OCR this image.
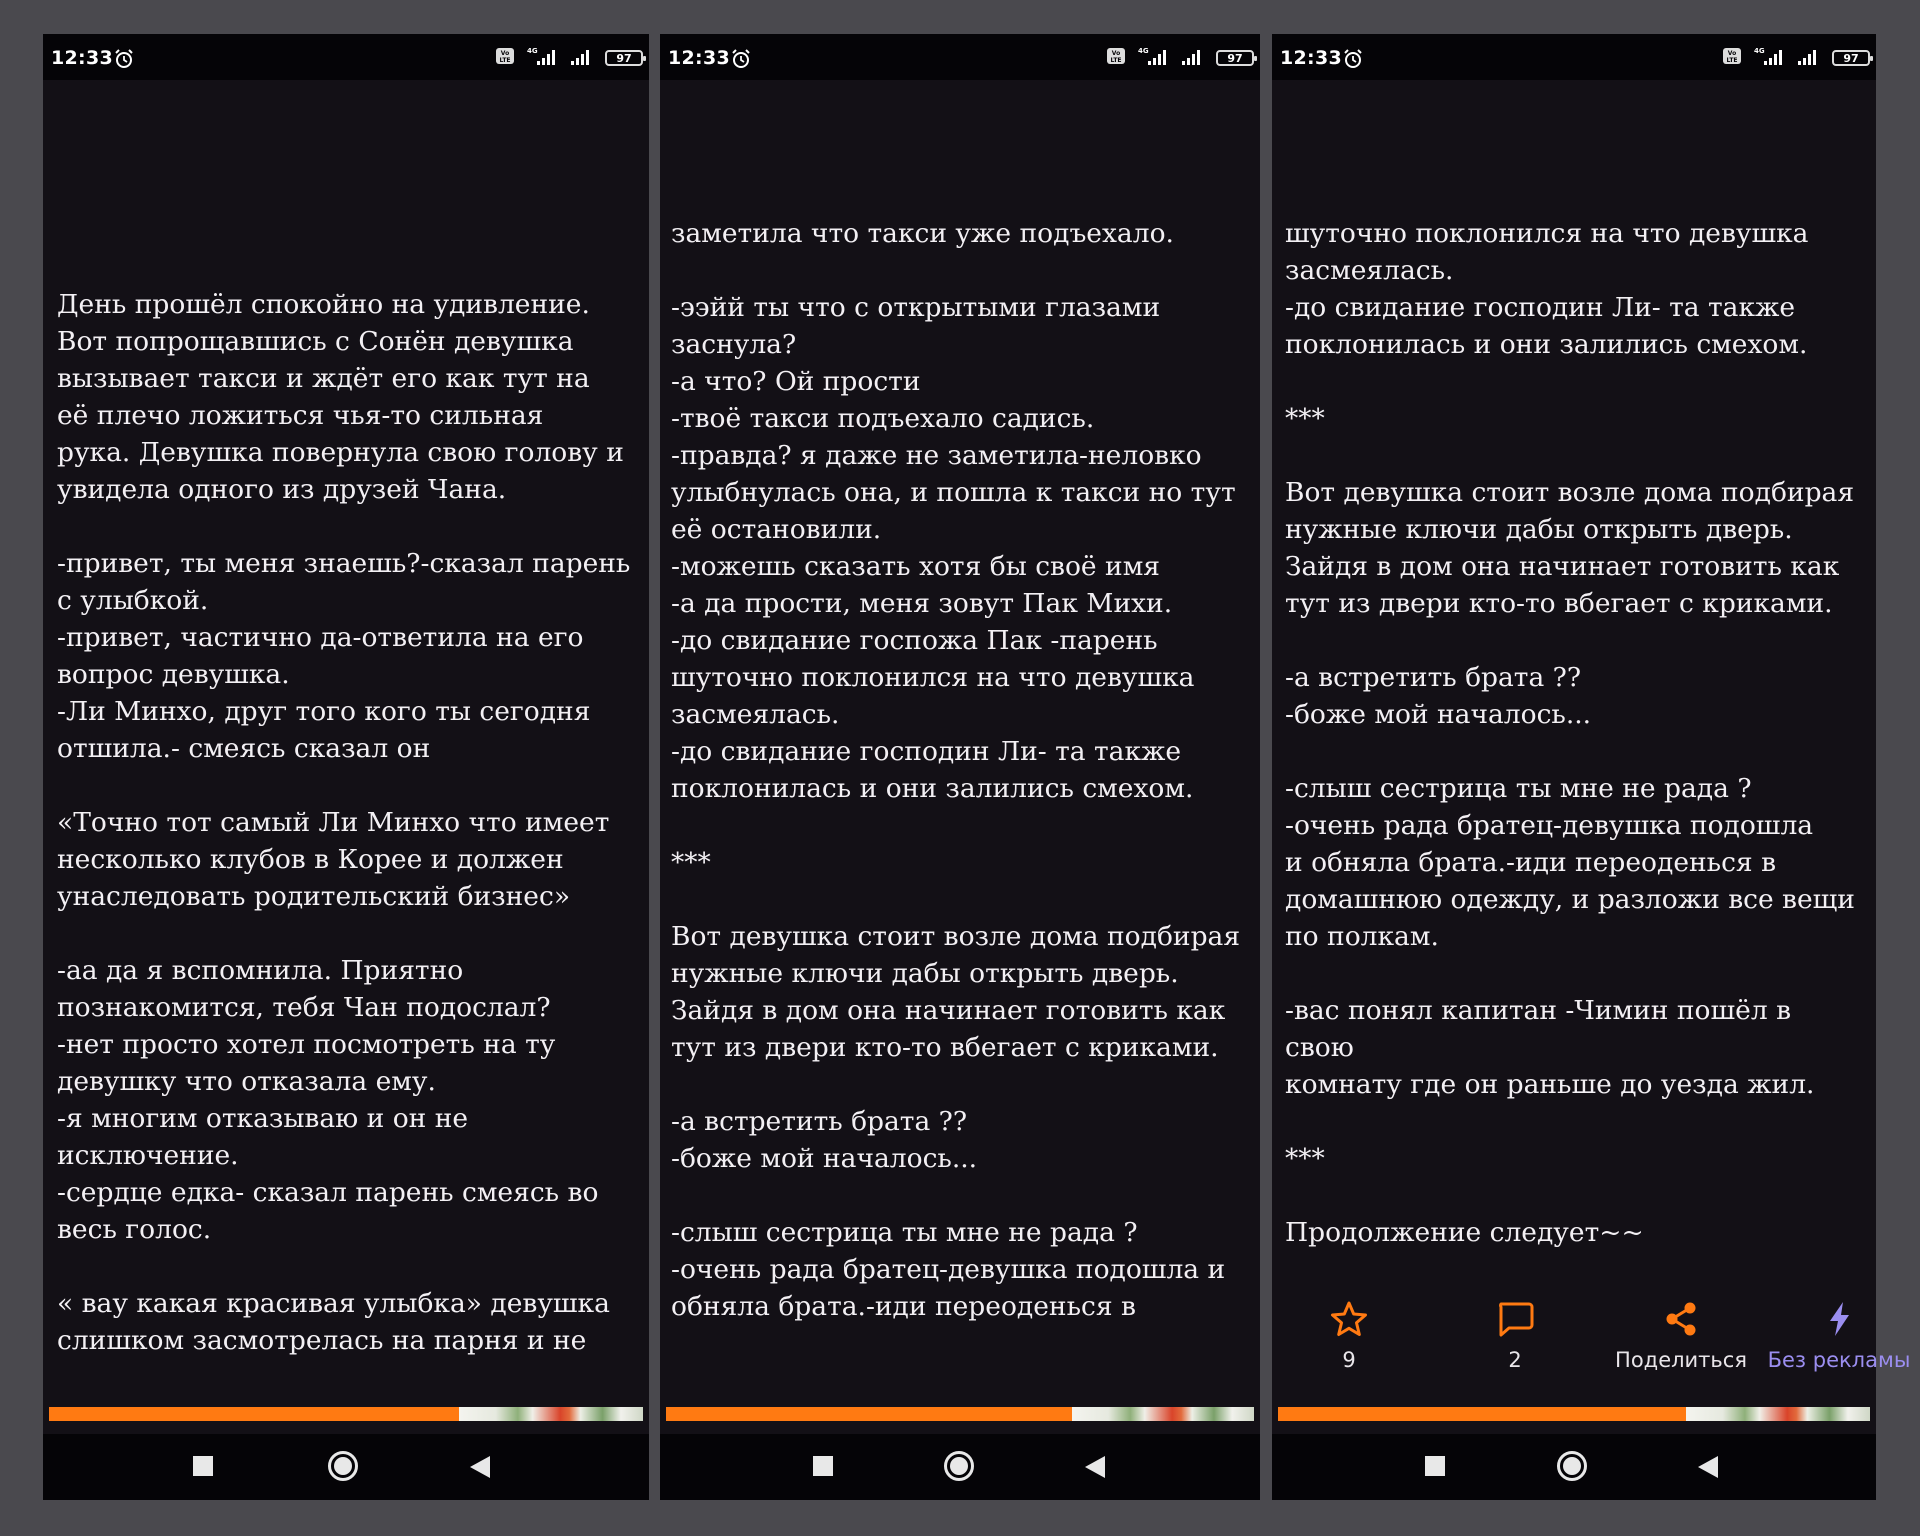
12:33	Vo
LTE
4G
97
День прошёл спокойно на удивление.
Вот попрощавшись с Сонён девушка
вызывает такси и ждёт его как тут на
её плечо ложиться чья-то сильная
рука. Девушка повернула свою голову и
увидела одного из друзей Чана.

-привет, ты меня знаешь?-сказал парень
с улыбкой.
-привет, частично да-ответила на его
вопрос девушка.
-Ли Минхо, друг того кого ты сегодня
отшила.- смеясь сказал он

«Точно тот самый Ли Минхо что имеет
несколько клубов в Корее и должен
унаследовать родительский бизнес»

-аа да я вспомнила. Приятно
познакомится, тебя Чан подослал?
-нет просто хотел посмотреть на ту
девушку что отказала ему.
-я многим отказываю и он не
исключение.
-сердце едка- сказал парень смеясь во
весь голос.

« вау какая красивая улыбка» девушка
слишком засмотрелась на парня и не
12:33	Vo
LTE
4G
97
заметила что такси уже подъехало.

-ээйй ты что с открытыми глазами
заснула?
-а что? Ой прости
-твоё такси подъехало садись.
-правда? я даже не заметила-неловко
улыбнулась она, и пошла к такси но тут
её остановили.
-можешь сказать хотя бы своё имя
-а да прости, меня зовут Пак Михи.
-до свидание госпожа Пак -парень
шуточно поклонился на что девушка
засмеялась.
-до свидание господин Ли- та также
поклонилась и они залились смехом.

***

Вот девушка стоит возле дома подбирая
нужные ключи дабы открыть дверь.
Зайдя в дом она начинает готовить как
тут из двери кто-то вбегает с криками.

-а встретить брата ??
-боже мой началось...

-слыш сестрица ты мне не рада ?
-очень рада братец-девушка подошла и
обняла брата.-иди переоденься в
12:33	Vo
LTE
4G
97
шуточно поклонился на что девушка
засмеялась.
-до свидание господин Ли- та также
поклонилась и они залились смехом.

***

Вот девушка стоит возле дома подбирая
нужные ключи дабы открыть дверь.
Зайдя в дом она начинает готовить как
тут из двери кто-то вбегает с криками.

-а встретить брата ??
-боже мой началось...

-слыш сестрица ты мне не рада ?
-очень рада братец-девушка подошла
и обняла брата.-иди переоденься в
домашнюю одежду, и разложи все вещи
по полкам.

-вас понял капитан -Чимин пошёл в свою
комнату где он раньше до уезда жил.

***

Продолжение следует~~
9	2	Поделиться Без рекламы
